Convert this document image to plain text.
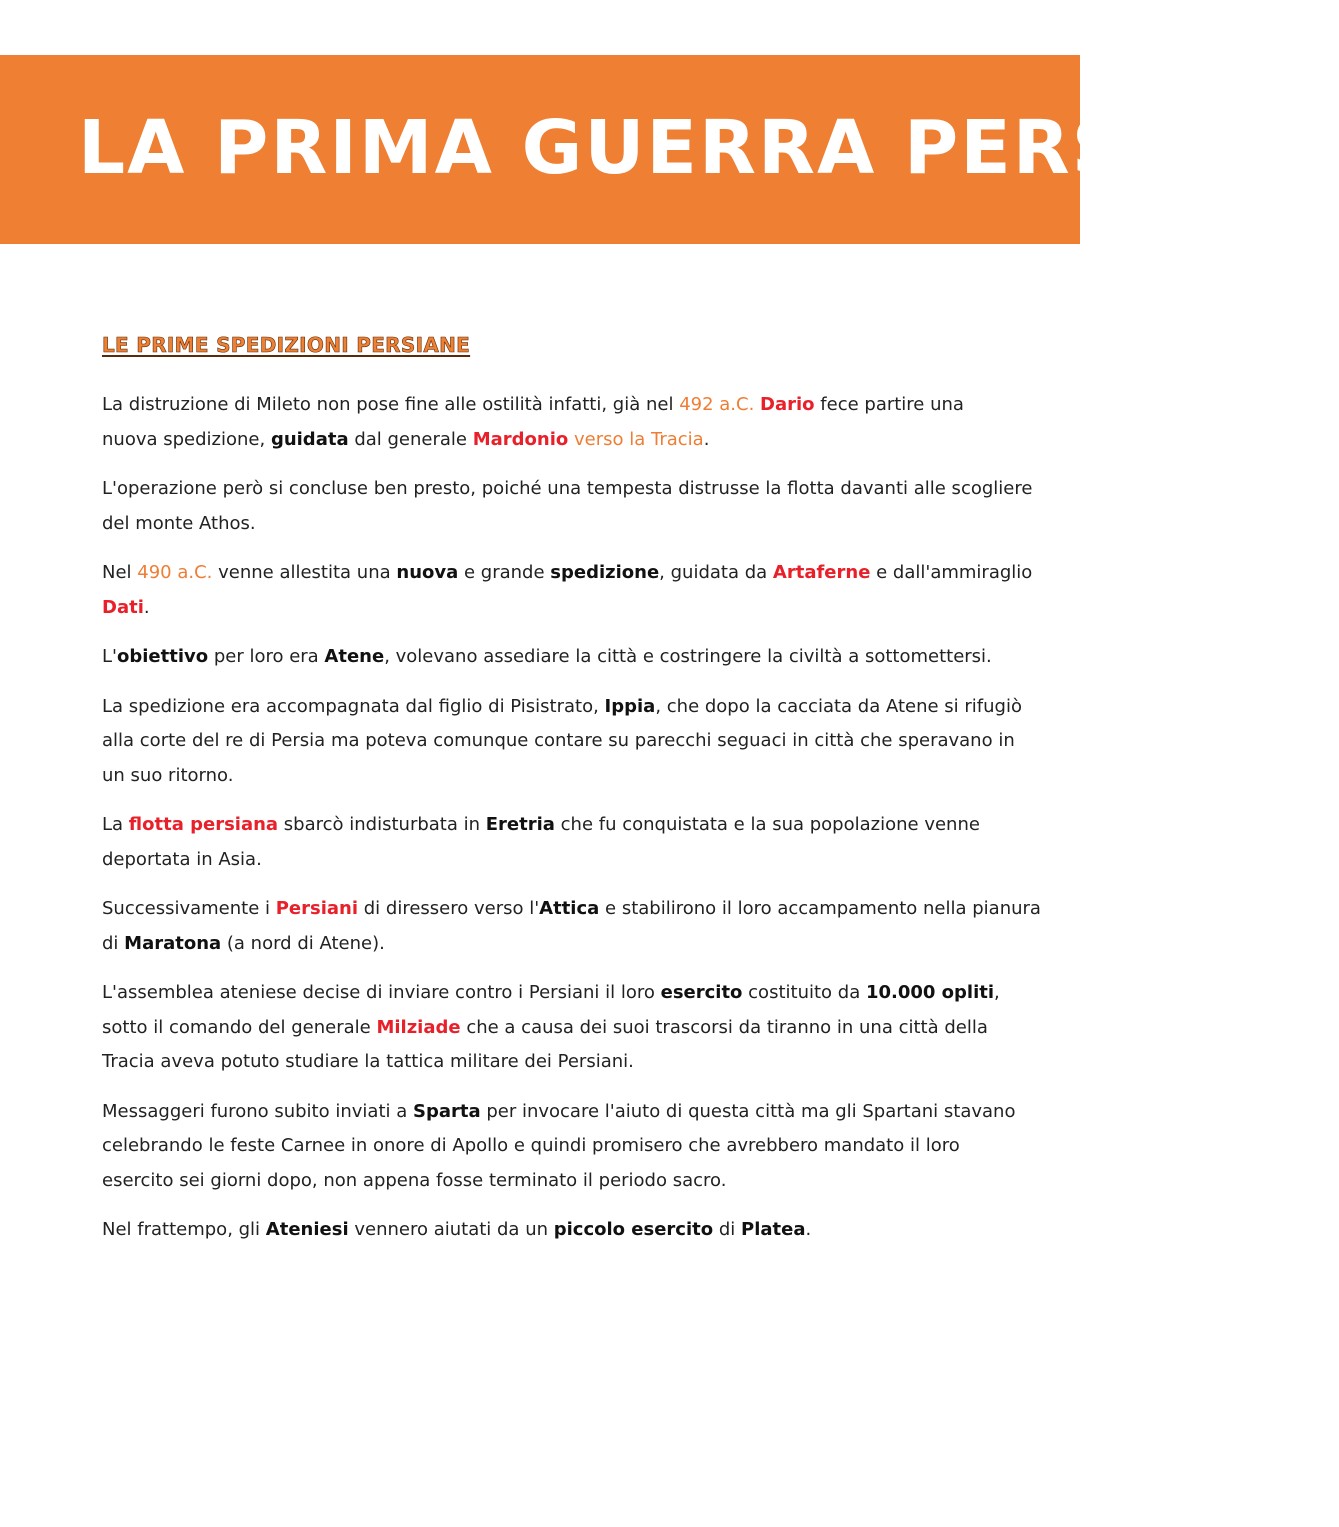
LA PRIMA GUERRA PERSIANA
LE PRIME SPEDIZIONI PERSIANE

La distruzione di Mileto non pose fine alle ostilità infatti, già nel 492 a.C. Dario fece partire una
nuova spedizione, guidata dal generale Mardonio verso la Tracia.

L'operazione però si concluse ben presto, poiché una tempesta distrusse la flotta davanti alle scogliere
del monte Athos.

Nel 490 a.C. venne allestita una nuova e grande spedizione, guidata da Artaferne e dall'ammiraglio
Dati.

L'obiettivo per loro era Atene, volevano assediare la città e costringere la civiltà a sottomettersi.

La spedizione era accompagnata dal figlio di Pisistrato, Ippia, che dopo la cacciata da Atene si rifugiò
alla corte del re di Persia ma poteva comunque contare su parecchi seguaci in città che speravano in
un suo ritorno.

La flotta persiana sbarcò indisturbata in Eretria che fu conquistata e la sua popolazione venne
deportata in Asia.

Successivamente i Persiani di diressero verso l'Attica e stabilirono il loro accampamento nella pianura
di Maratona (a nord di Atene).

L'assemblea ateniese decise di inviare contro i Persiani il loro esercito costituito da 10.000 opliti,
sotto il comando del generale Milziade che a causa dei suoi trascorsi da tiranno in una città della
Tracia aveva potuto studiare la tattica militare dei Persiani.

Messaggeri furono subito inviati a Sparta per invocare l'aiuto di questa città ma gli Spartani stavano
celebrando le feste Carnee in onore di Apollo e quindi promisero che avrebbero mandato il loro
esercito sei giorni dopo, non appena fosse terminato il periodo sacro.

Nel frattempo, gli Ateniesi vennero aiutati da un piccolo esercito di Platea.
